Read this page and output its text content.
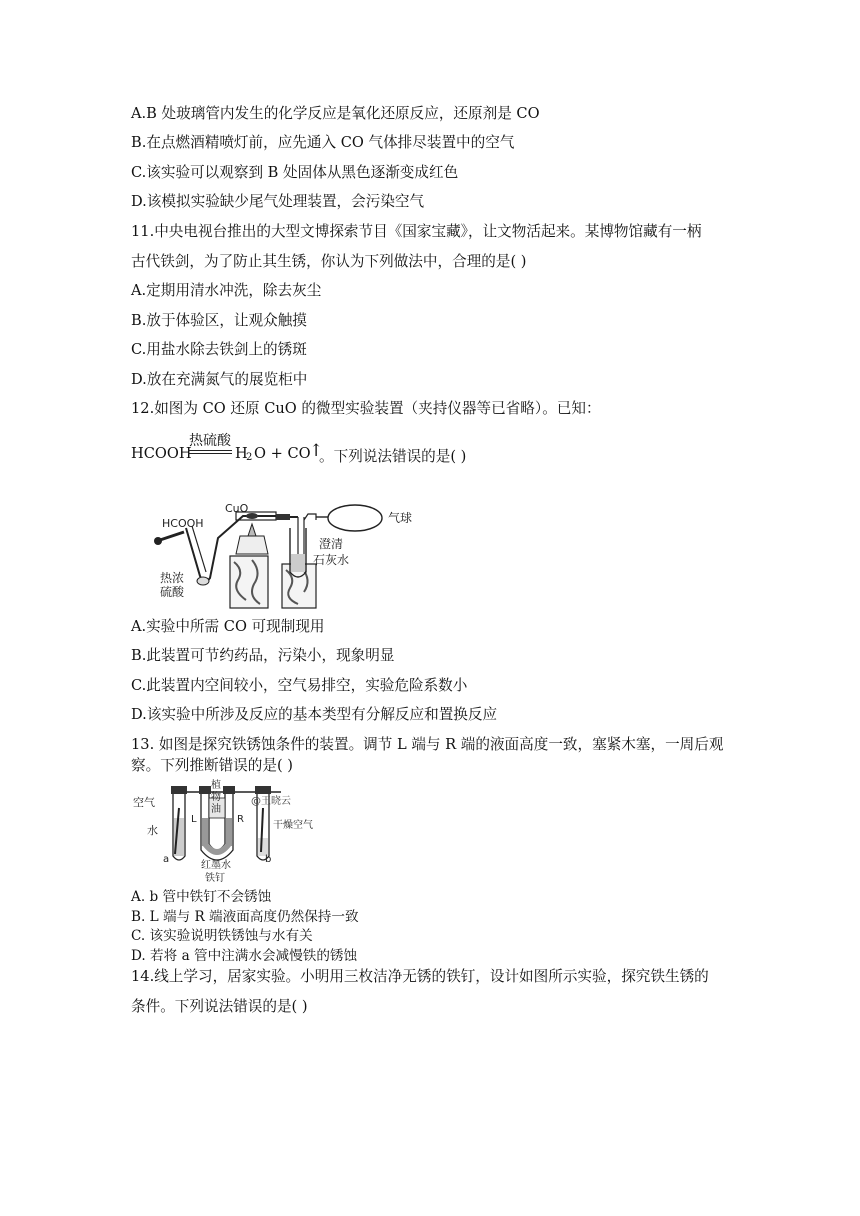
A.B 处玻璃管内发生的化学反应是氧化还原反应，还原剂是 CO
B.在点燃酒精喷灯前，应先通入 CO 气体排尽装置中的空气
C.该实验可以观察到 B 处固体从黑色逐渐变成红色
D.该模拟实验缺少尾气处理装置，会污染空气
11.中央电视台推出的大型文博探索节目《国家宝藏》，让文物活起来。某博物馆藏有一柄
古代铁剑，为了防止其生锈，你认为下列做法中，合理的是( )
A.定期用清水冲洗，除去灰尘
B.放于体验区，让观众触摸
C.用盐水除去铁剑上的锈斑
D.放在充满氮气的展览柜中
12.如图为 CO 还原 CuO 的微型实验装置（夹持仪器等已省略）。已知：
HCOOH
热硫酸
H
2 O + CO
↑
。下列说法错误的是( )
HCOOH
CuO
气球
澄清
石灰水
热浓
硫酸
A.实验中所需 CO 可现制现用
B.此装置可节约药品，污染小，现象明显
C.此装置内空间较小，空气易排空，实验危险系数小
D.该实验中所涉及反应的基本类型有分解反应和置换反应
13. 如图是探究铁锈蚀条件的装置。调节 L 端与 R 端的液面高度一致，塞紧木塞，一周后观
察。下列推断错误的是( )
空气
水
a
植
物
油
L	R
红墨水
铁钉
@王晓云
干燥空气
b
A. b 管中铁钉不会锈蚀
B. L 端与 R 端液面高度仍然保持一致
C. 该实验说明铁锈蚀与水有关
D. 若将 a 管中注满水会减慢铁的锈蚀
14.线上学习，居家实验。小明用三枚洁净无锈的铁钉，设计如图所示实验，探究铁生锈的
条件。下列说法错误的是( )
